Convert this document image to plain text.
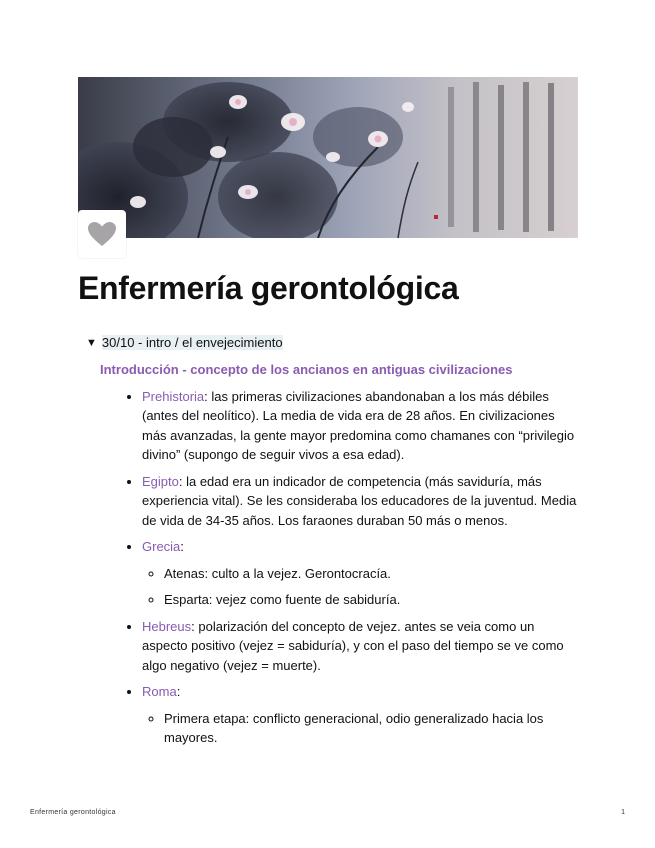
Enfermería gerontológica
▼ 30/10 - intro / el envejecimiento
Introducción - concepto de los ancianos en antiguas civilizaciones
• Prehistoria: las primeras civilizaciones abandonaban a los más débiles (antes del neolítico). La media de vida era de 28 años. En civilizaciones más avanzadas, la gente mayor predomina como chamanes con “privilegio divino” (supongo de seguir vivos a esa edad).
• Egipto: la edad era un indicador de competencia (más saviduría, más experiencia vital). Se les consideraba los educadores de la juventud. Media de vida de 34-35 años. Los faraones duraban 50 más o menos.
• Grecia:
◦ Atenas: culto a la vejez. Gerontocracía.
◦ Esparta: vejez como fuente de sabiduría.
• Hebreus: polarización del concepto de vejez. antes se veia como un aspecto positivo (vejez = sabiduría), y con el paso del tiempo se ve como algo negativo (vejez = muerte).
• Roma:
◦ Primera etapa: conflicto generacional, odio generalizado hacia los mayores.
Enfermería gerontológica	1
